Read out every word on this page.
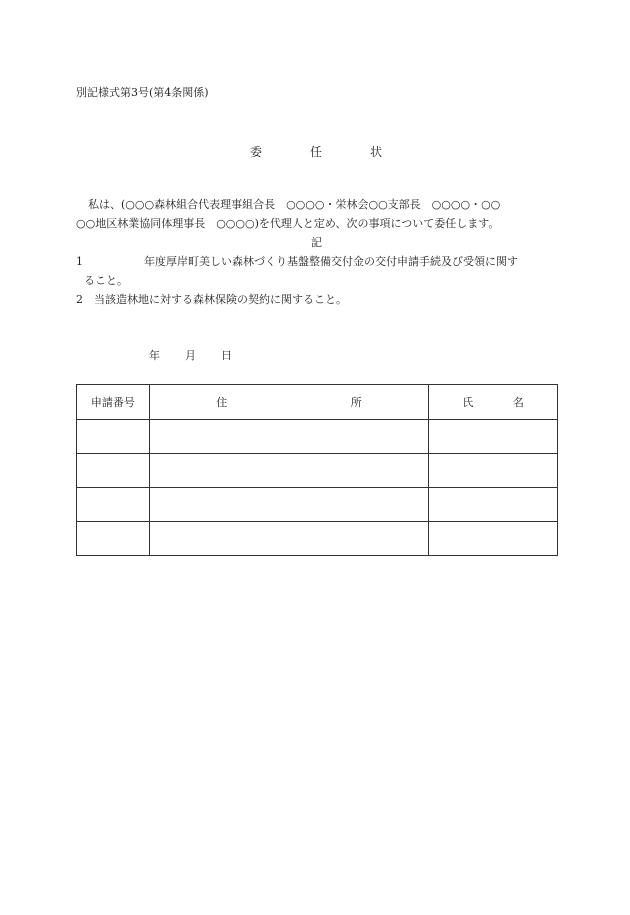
別記様式第3号(第4条関係)
委	任	状
私は、(○○○森林組合代表理事組合長　○○○○・栄林会○○支部長　○○○○・○○
○○地区林業協同体理事長　○○○○)を代理人と定め、次の事項について委任します。
記
1	年度厚岸町美しい森林づくり基盤整備交付金の交付申請手続及び受領に関す
ること。
2 当該造林地に対する森林保険の契約に関すること。
年 月 日
申請番号	住 所	氏 名
